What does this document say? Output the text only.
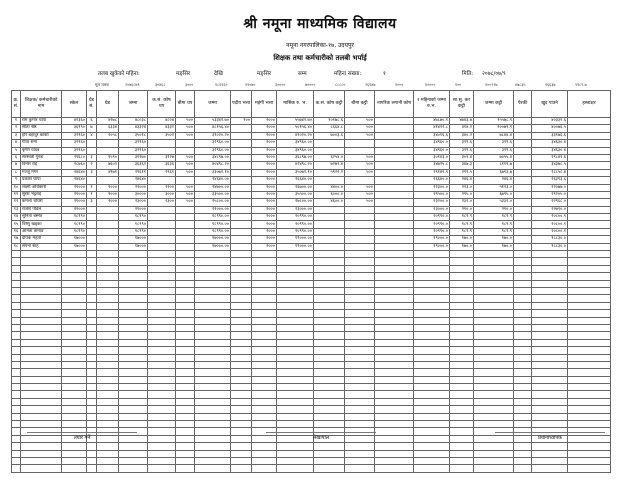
श्री नमूना माध्यमिक विद्यालय
नमूना नगरपालिका-१७, उदयपुर
शिक्षक तथा कर्मचारीको तलबी भर्पाई
तलब खुकेको महिना:	मङ्सिर	देखि	मङ्सिर	सम्म	महिना संख्या:	१	मिति: २०७८/०७/९
मूल तलब	२०७६८७९	३०४६८	३०००	१८१२६०	१९०७०	३००००	७००००	८८८८०	२६१४७	१०००	१००००	१००	१००२२७	४७८३५	१६६३७	९९८९.७
क्र. सं.	शिक्षक/ कर्मचारीको नाम	स्केल	ग्रेड सं.	ग्रेड	जम्मा	क.सं. कोष थप	बीमा थप	जम्मा	पदीय भत्ता	महंगी भत्ता	मासिक रु. भ.	क.सं. कोष कट्टी	बीमा कट्टी	नागरिक लगानी कोष	१ महिनाको जम्मा रु.भ.	सा.सु. कर कट्टी	जम्मा कट्टी	पेश्की	खुद पाउने	हस्ताक्षर
१	राम कुमार थापा	४२३६०	६	४२७८	४८०३८	४८०४	५००	५३३४२.७०	१००	२०००	५५७४२.७०	१०१७८.६	५००		४७८७०.१	४७४३.७	१५५७८.९		४०३३१.६	
२	सीता श्रेष्ठ	३६९९०	७	६३३४	४३३२४	४३३२	५००	४८१५६.४०		२०००	५०१५६.४०	८६६४.८	५००		४१४२२.८	४१४.२	१००७९.९		४००७६.५	
३	हरि बहादुर कार्की	३२९६०	४	२०५८	३५०१८	३५०२	५००	३९०२०.२०		२०००	४१०२०.२०	७००३.६	५००		३४०१६.६	३४०.२	७८४४.४		३३१७६.६	
४	गीता शर्मा	३२९६०			३२९६०			३२९६०.००		२०००	३४९६०.००				३४९६०.०	३२९.६	३२९.६		३४६३०.४	
५	कृष्ण यादव	३२९६०			३२९६०			३२९६०.००		२०००	३४९६०.००				३४९६०.०	३२९.६	३२९.६		३४६३०.४	
६	सरस्वती गुरुङ	२९६८०	३	१५९०	३१२७०	३१२७	५००	३४८९७.००		२०००	३६८९७.००	६२५४.०	५००		३०१४३.०	३०१.४	७०५५.४		२९८४१.६	
७	दिनेश राई	२८७६०	२	७६०२	३६३६२	३६३६	५००	४०४९८.२०		२०००	४२४९८.२०	७२७२.४	५००		३४७२५.८	३४७.३	८११९.७		३४३७८.५	
८	मञ्जु मगर	२४६४०	३	४९७१	२९६११	२९६१	५००	३३०७२.१०		२०००	३५०७२.१०	५९२२.२	५००		२९१४९.९	२९१.५	६७१३.७		२८८५८.४	
९	प्रकाश थापा	२४६४०			२४६४०			२४६४०.००		२०००	२६६४०.००				२६६४०.०	२४६.४	२४६.४		२६३९३.६	
१०	लक्ष्मी अधिकारी	२१०००	१	१०००	२२०००	२२००	५००	२४७००.००		२०००	२६७००.००	४४००.०	५००		२२३००.०	२२३.०	५१२३.०		२२०७७.०	
११	सुरेश भट्टराई	२१०००	१	९०००	३००००	३०००	५००	३३५००.००		२०००	३५५००.००	६०००.०	५००		२९५००.०	२९५.०	६७९५.०		२९२०५.०	
१२	कमला चौधरी	२१०००	३	२०००	२३०००	२३००	५००	२५८००.००		२०००	२७८००.००	४६००.०	५००		२३२००.०	२३२.०	५३३२.०		२२९६८.०	
१३	राजेश पौडेल	२१०००			२१०००			२१०००.००		२०००	२३०००.००				२३०००.०	२१०.०	२१०.०		२२७९०.०	
१४	सुनिता बस्नेत	१८९९०			१८९९०			१८९९०.००		२०००	२०९९०.००				२०९९०.०	१८९.९	१८९.९		२०८००.१	
१५	विष्णु खड्का	१८९९०			१८९९०			१८९९०.००		२०००	२०९९०.००				२०९९०.०	१८९.९	१८९.९		२०८००.१	
१६	अनिता तामाङ	१८९९०			१८९९०			१८९९०.००		२०००	२०९९०.००				२०९९०.०	१८९.९	१८९.९		२०८००.१	
१७	दीपक महतो	१७०००			१७०००			१७०००.००		२०००	१९०००.००				१९०००.०	१७०.०	१७०.०		१८८३०.०	
१८	सपना शाह	१७०००			१७०००			१७०००.००		२०००	१९०००.००				१९०००.०	१७०.०	१७०.०		१८८३०.०	

तयार गर्ने	लेखापाल	प्रधानाध्यापक
